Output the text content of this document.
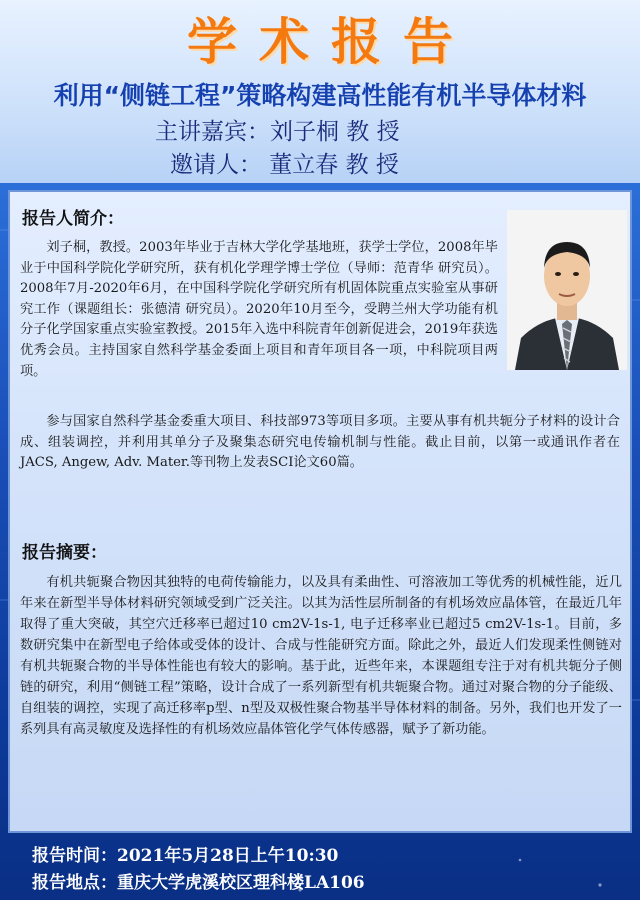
学术报告
利用“侧链工程”策略构建高性能有机半导体材料
主讲嘉宾：刘子桐 教 授
邀请人： 董立春 教 授
报告人简介：
刘子桐，教授。2003年毕业于吉林大学化学基地班，获学士学位，2008年毕业于中国科学院化学研究所，获有机化学理学博士学位（导师：范青华 研究员）。2008年7月-2020年6月，在中国科学院化学研究所有机固体院重点实验室从事研究工作（课题组长：张德清 研究员）。2020年10月至今，受聘兰州大学功能有机分子化学国家重点实验室教授。2015年入选中科院青年创新促进会，2019年获选优秀会员。主持国家自然科学基金委面上项目和青年项目各一项，中科院项目两项。
参与国家自然科学基金委重大项目、科技部973等项目多项。主要从事有机共轭分子材料的设计合成、组装调控，并利用其单分子及聚集态研究电传输机制与性能。截止目前，以第一或通讯作者在JACS, Angew, Adv. Mater.等刊物上发表SCI论文60篇。
报告摘要：
有机共轭聚合物因其独特的电荷传输能力，以及具有柔曲性、可溶液加工等优秀的机械性能，近几年来在新型半导体材料研究领域受到广泛关注。以其为活性层所制备的有机场效应晶体管，在最近几年取得了重大突破，其空穴迁移率已超过10 cm2V-1s-1, 电子迁移率业已超过5 cm2V-1s-1。目前，多数研究集中在新型电子给体或受体的设计、合成与性能研究方面。除此之外，最近人们发现柔性侧链对有机共轭聚合物的半导体性能也有较大的影响。基于此，近些年来，本课题组专注于对有机共轭分子侧链的研究，利用“侧链工程”策略，设计合成了一系列新型有机共轭聚合物。通过对聚合物的分子能级、自组装的调控，实现了高迁移率p型、n型及双极性聚合物基半导体材料的制备。另外，我们也开发了一系列具有高灵敏度及选择性的有机场效应晶体管化学气体传感器，赋予了新功能。
报告时间：2021年5月28日上午10:30
报告地点：重庆大学虎溪校区理科楼LA106
